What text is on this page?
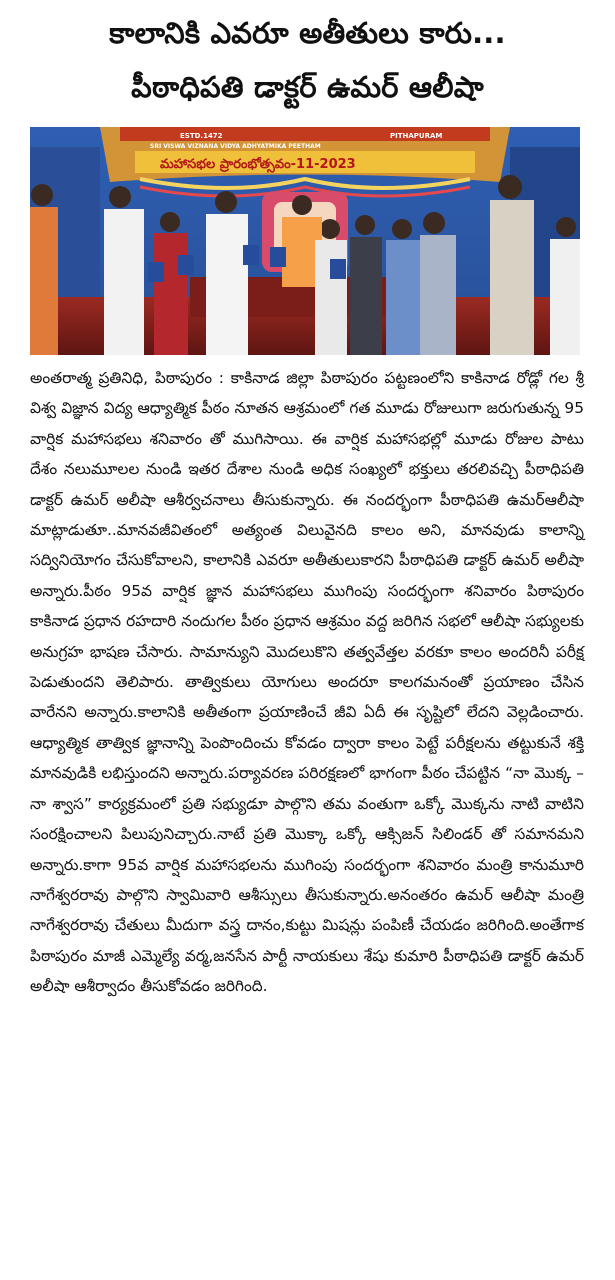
కాలానికి ఎవరూ అతీతులు కారు...
పీఠాధిపతి డాక్టర్ ఉమర్ ఆలీషా
ESTD.1472	PITHAPURAM
SRI VISWA VIZNANA VIDYA ADHYATMIKA PEETHAM
మహాసభల ప్రారంభోత్సవం-11-2023

అంతరాత్మ ప్రతినిధి, పిఠాపురం : కాకినాడ జిల్లా పిఠాపురం పట్టణంలోని కాకినాడ రోడ్లో గల శ్రీ విశ్వ విజ్ఞాన విద్య ఆధ్యాత్మిక పీఠం నూతన ఆశ్రమంలో గత మూడు రోజులుగా జరుగుతున్న 95 వార్షిక మహాసభలు శనివారం తో ముగిసాయి. ఈ వార్షిక మహాసభల్లో మూడు రోజుల పాటు దేశం నలుమూలల నుండి ఇతర దేశాల నుండి అధిక సంఖ్యలో భక్తులు తరలివచ్చి పీఠాధిపతి డాక్టర్ ఉమర్ అలీషా ఆశీర్వచనాలు తీసుకున్నారు. ఈ నందర్భంగా పీఠాధిపతి ఉమర్ఆలీషా మాట్లాడుతూ..మానవజీవితంలో అత్యంత విలువైనది కాలం అని, మానవుడు కాలాన్ని సద్వినియోగం చేసుకోవాలని, కాలానికి ఎవరూ అతీతులుకారని పీఠాధిపతి డాక్టర్ ఉమర్ అలీషా అన్నారు.పీఠం 95వ వార్షిక జ్ఞాన మహాసభలు ముగింపు సందర్భంగా శనివారం పిఠాపురం కాకినాడ ప్రధాన రహదారి నందుగల పీఠం ప్రధాన ఆశ్రమం వద్ద జరిగిన సభలో ఆలీషా సభ్యులకు అనుగ్రహ భాషణ చేసారు. సామాన్యుని మొదలుకొని తత్వవేత్తల వరకూ కాలం అందరినీ పరీక్ష పెడుతుందని తెలిపారు. తాత్వికులు యోగులు అందరూ కాలగమనంతో ప్రయాణం చేసిన వారేనని అన్నారు.కాలానికి అతీతంగా ప్రయాణించే జీవి ఏదీ ఈ సృష్టిలో లేదని వెల్లడించారు. ఆధ్యాత్మిక తాత్విక జ్ఞానాన్ని పెంపొందించు కోవడం ద్వారా కాలం పెట్టే పరీక్షలను తట్టుకునే శక్తి మానవుడికి లభిస్తుందని అన్నారు.పర్యావరణ పరిరక్షణలో భాగంగా పీఠం చేపట్టిన “నా మొక్క – నా శ్వాస” కార్యక్రమంలో ప్రతి సభ్యుడూ పాల్గొని తమ వంతుగా ఒక్కో మొక్కను నాటి వాటిని సంరక్షించాలని పిలుపునిచ్చారు.నాటే ప్రతి మొక్కా ఒక్కో ఆక్సిజన్ సిలిండర్ తో సమానమని అన్నారు.కాగా 95వ వార్షిక మహాసభలను ముగింపు సందర్భంగా శనివారం మంత్రి కానుమూరి నాగేశ్వరరావు పాల్గొని స్వామివారి ఆశీస్సులు తీసుకున్నారు.అనంతరం ఉమర్ ఆలీషా మంత్రి నాగేశ్వరరావు చేతులు మీదుగా వస్త్ర దానం,కుట్టు మిషన్లు పంపిణీ చేయడం జరిగింది.అంతేగాక పిఠాపురం మాజీ ఎమ్మెల్యే వర్మ,జనసేన పార్టీ నాయకులు శేషు కుమారి పీఠాధిపతి డాక్టర్ ఉమర్ అలీషా ఆశీర్వాదం తీసుకోవడం జరిగింది.
